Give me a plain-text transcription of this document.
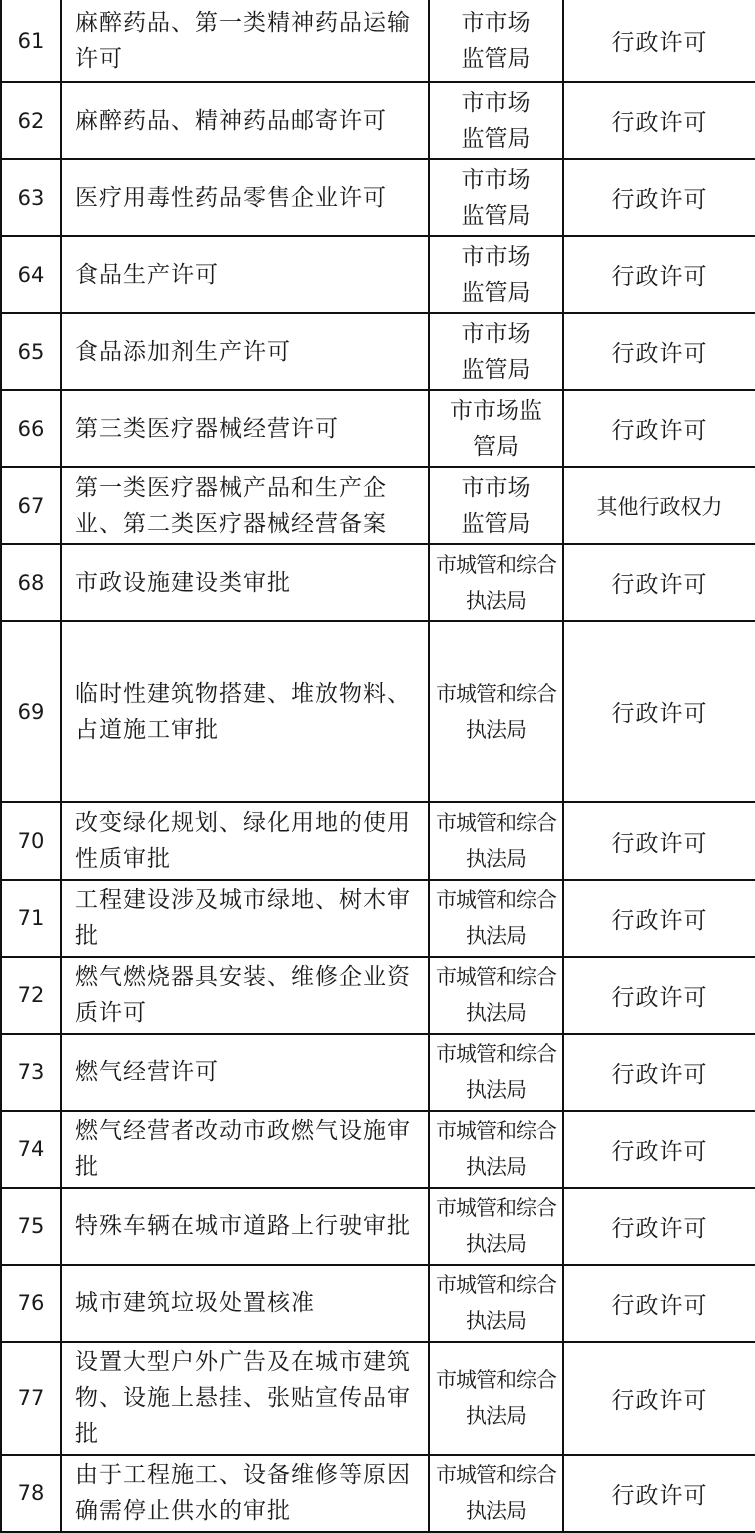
61	麻醉药品、第一类精神药品运输许可	市市场监管局	行政许可
62	麻醉药品、精神药品邮寄许可	市市场监管局	行政许可
63	医疗用毒性药品零售企业许可	市市场监管局	行政许可
64	食品生产许可	市市场监管局	行政许可
65	食品添加剂生产许可	市市场监管局	行政许可
66	第三类医疗器械经营许可	市市场监管局	行政许可
67	第一类医疗器械产品和生产企业、第二类医疗器械经营备案	市市场监管局	其他行政权力
68	市政设施建设类审批	市城管和综合执法局	行政许可
69	临时性建筑物搭建、堆放物料、占道施工审批	市城管和综合执法局	行政许可
70	改变绿化规划、绿化用地的使用性质审批	市城管和综合执法局	行政许可
71	工程建设涉及城市绿地、树木审批	市城管和综合执法局	行政许可
72	燃气燃烧器具安装、维修企业资质许可	市城管和综合执法局	行政许可
73	燃气经营许可	市城管和综合执法局	行政许可
74	燃气经营者改动市政燃气设施审批	市城管和综合执法局	行政许可
75	特殊车辆在城市道路上行驶审批	市城管和综合执法局	行政许可
76	城市建筑垃圾处置核准	市城管和综合执法局	行政许可
77	设置大型户外广告及在城市建筑物、设施上悬挂、张贴宣传品审批	市城管和综合执法局	行政许可
78	由于工程施工、设备维修等原因确需停止供水的审批	市城管和综合执法局	行政许可
